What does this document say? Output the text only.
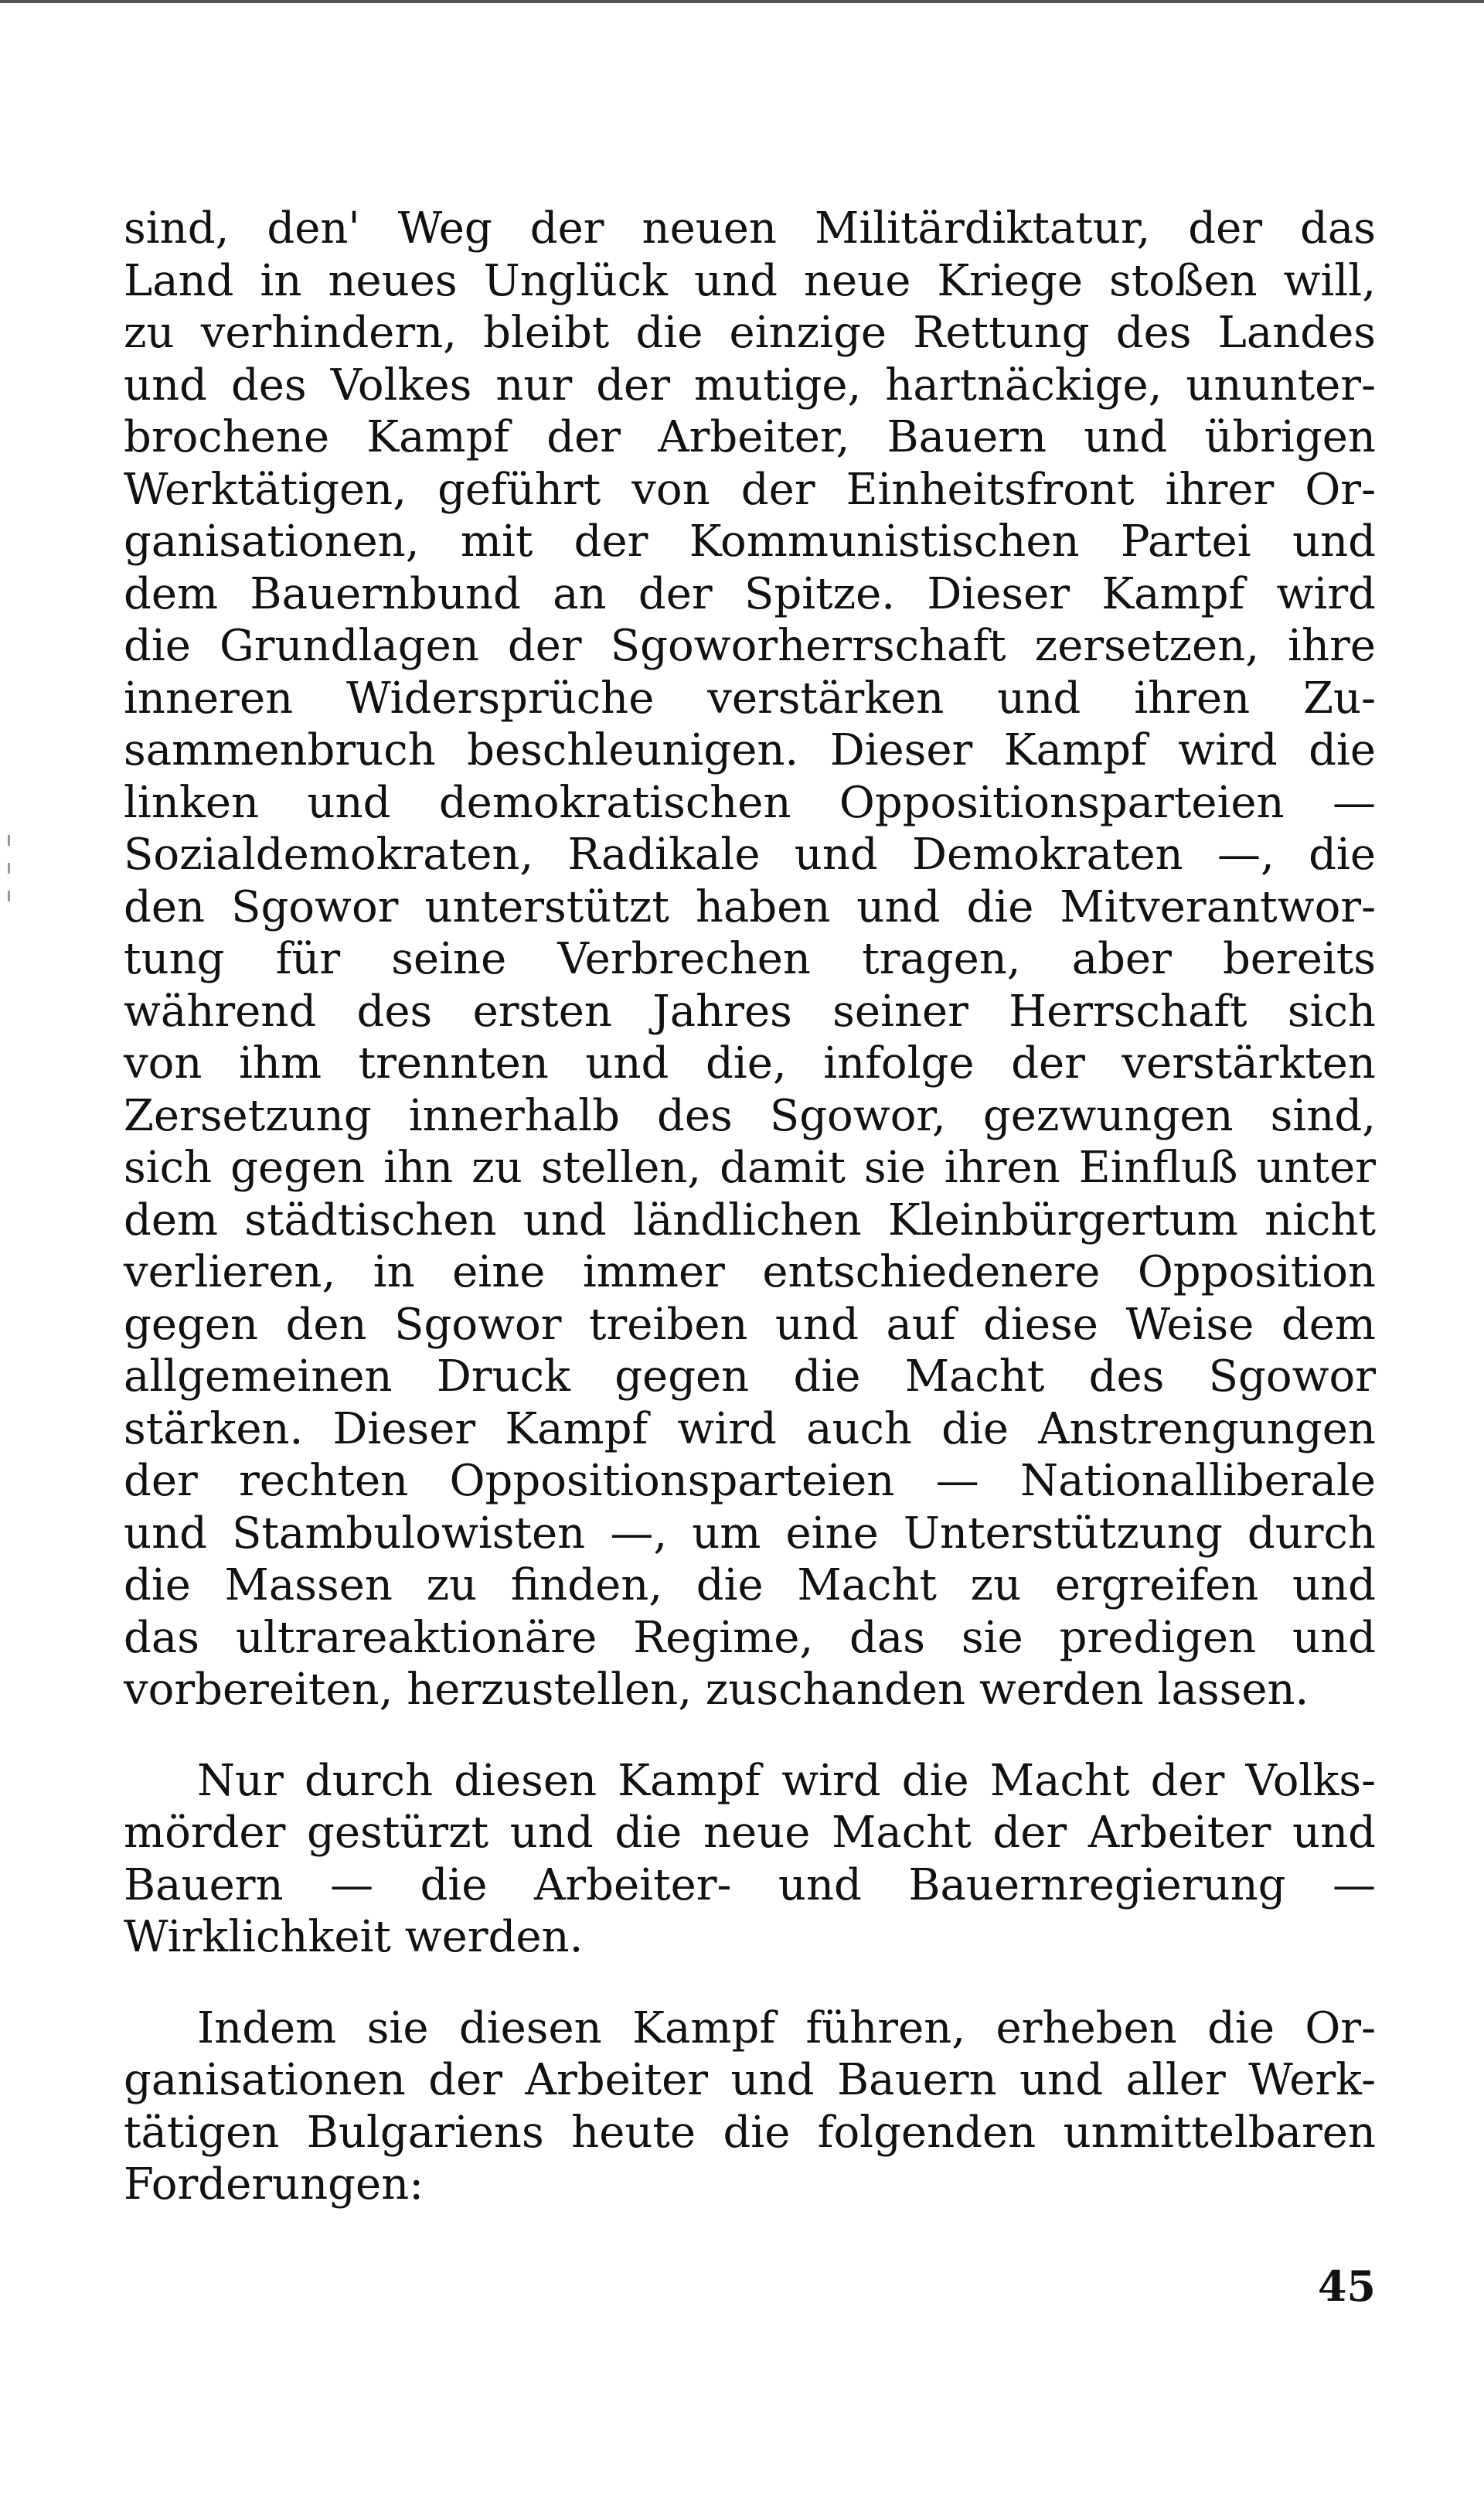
sind, den' Weg der neuen Militärdiktatur, der das
Land in neues Unglück und neue Kriege stoßen will,
zu verhindern, bleibt die einzige Rettung des Landes
und des Volkes nur der mutige, hartnäckige, ununter-
brochene Kampf der Arbeiter, Bauern und übrigen
Werktätigen, geführt von der Einheitsfront ihrer Or-
ganisationen, mit der Kommunistischen Partei und
dem Bauernbund an der Spitze. Dieser Kampf wird
die Grundlagen der Sgoworherrschaft zersetzen, ihre
inneren Widersprüche verstärken und ihren Zu-
sammenbruch beschleunigen. Dieser Kampf wird die
linken und demokratischen Oppositionsparteien —
Sozialdemokraten, Radikale und Demokraten —, die
den Sgowor unterstützt haben und die Mitverantwor-
tung für seine Verbrechen tragen, aber bereits
während des ersten Jahres seiner Herrschaft sich
von ihm trennten und die, infolge der verstärkten
Zersetzung innerhalb des Sgowor, gezwungen sind,
sich gegen ihn zu stellen, damit sie ihren Einfluß unter
dem städtischen und ländlichen Kleinbürgertum nicht
verlieren, in eine immer entschiedenere Opposition
gegen den Sgowor treiben und auf diese Weise dem
allgemeinen Druck gegen die Macht des Sgowor
stärken. Dieser Kampf wird auch die Anstrengungen
der rechten Oppositionsparteien — Nationalliberale
und Stambulowisten —, um eine Unterstützung durch
die Massen zu finden, die Macht zu ergreifen und
das ultrareaktionäre Regime, das sie predigen und
vorbereiten, herzustellen, zuschanden werden lassen.
Nur durch diesen Kampf wird die Macht der Volks-
mörder gestürzt und die neue Macht der Arbeiter und
Bauern — die Arbeiter- und Bauernregierung —
Wirklichkeit werden.
Indem sie diesen Kampf führen, erheben die Or-
ganisationen der Arbeiter und Bauern und aller Werk-
tätigen Bulgariens heute die folgenden unmittelbaren
Forderungen:
45
